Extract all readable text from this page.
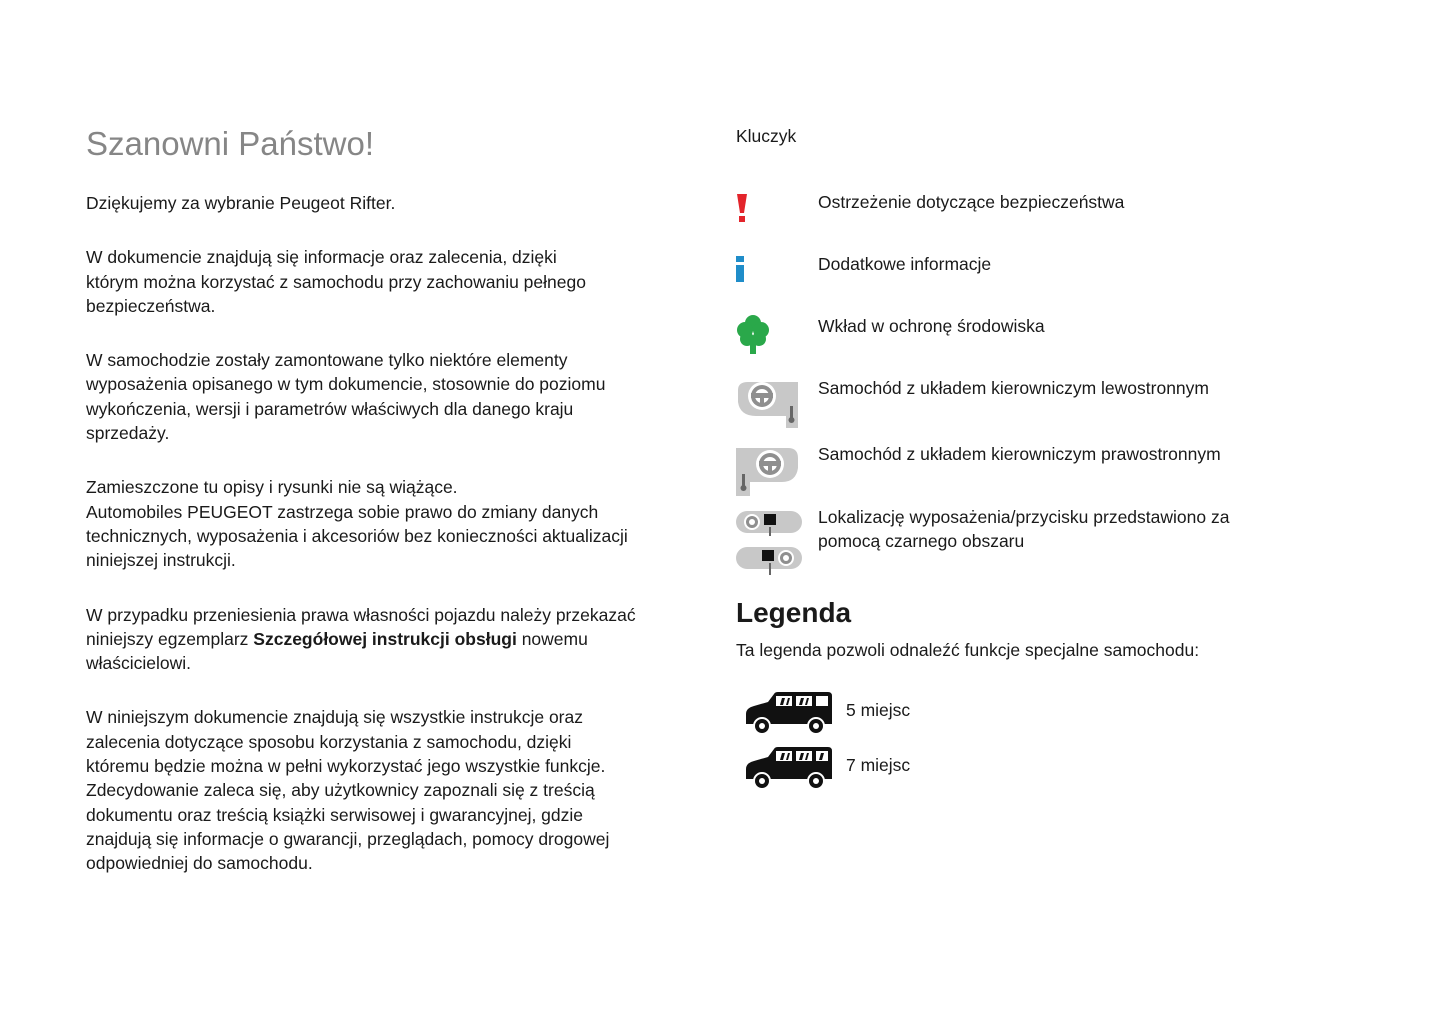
Szanowni Państwo!

Dziękujemy za wybranie Peugeot Rifter.

W dokumencie znajdują się informacje oraz zalecenia, dzięki
którym można korzystać z samochodu przy zachowaniu pełnego
bezpieczeństwa.

W samochodzie zostały zamontowane tylko niektóre elementy
wyposażenia opisanego w tym dokumencie, stosownie do poziomu
wykończenia, wersji i parametrów właściwych dla danego kraju
sprzedaży.

Zamieszczone tu opisy i rysunki nie są wiążące.
Automobiles PEUGEOT zastrzega sobie prawo do zmiany danych
technicznych, wyposażenia i akcesoriów bez konieczności aktualizacji
niniejszej instrukcji.

W przypadku przeniesienia prawa własności pojazdu należy przekazać
niniejszy egzemplarz Szczegółowej instrukcji obsługi nowemu
właścicielowi.

W niniejszym dokumencie znajdują się wszystkie instrukcje oraz
zalecenia dotyczące sposobu korzystania z samochodu, dzięki
któremu będzie można w pełni wykorzystać jego wszystkie funkcje.
Zdecydowanie zaleca się, aby użytkownicy zapoznali się z treścią
dokumentu oraz treścią książki serwisowej i gwarancyjnej, gdzie
znajdują się informacje o gwarancji, przeglądach, pomocy drogowej
odpowiedniej do samochodu.

Kluczyk
Ostrzeżenie dotyczące bezpieczeństwa
Dodatkowe informacje
Wkład w ochronę środowiska
Samochód z układem kierowniczym lewostronnym
Samochód z układem kierowniczym prawostronnym
Lokalizację wyposażenia/przycisku przedstawiono za
pomocą czarnego obszaru
Legenda
Ta legenda pozwoli odnaleźć funkcje specjalne samochodu:
5 miejsc
7 miejsc
